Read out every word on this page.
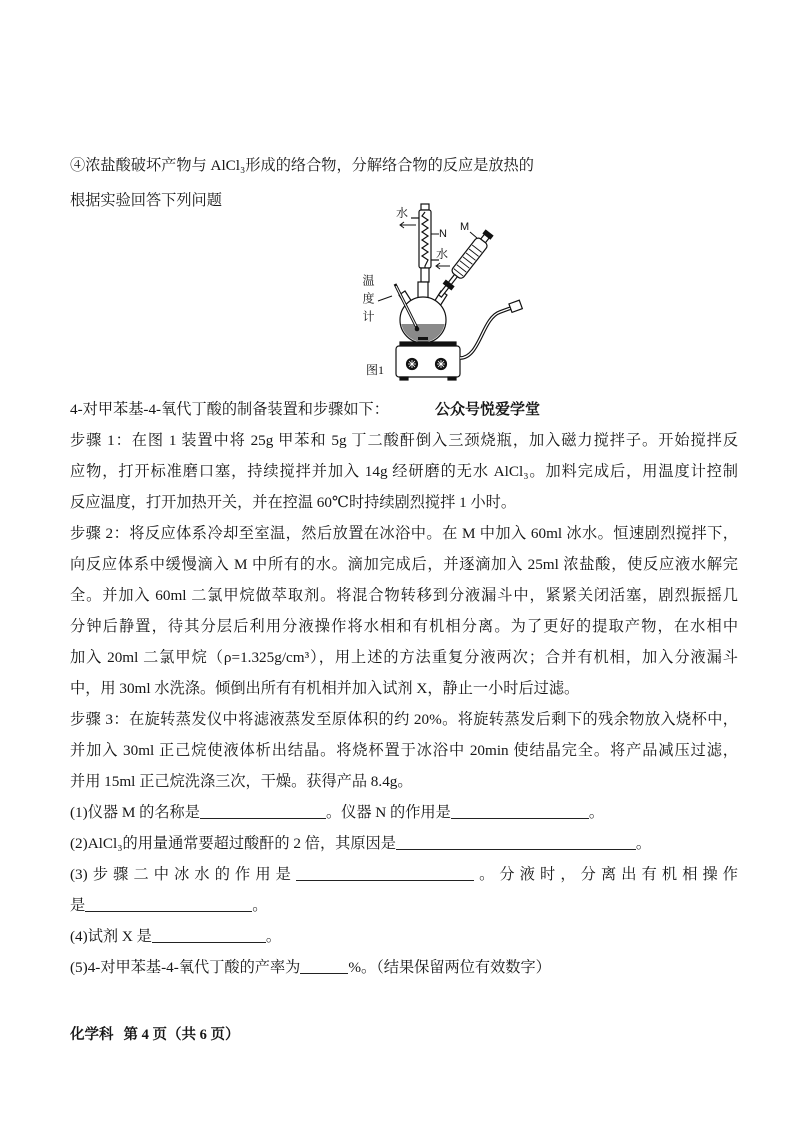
④浓盐酸破坏产物与 AlCl₃形成的络合物，分解络合物的反应是放热的
根据实验回答下列问题
水
N
M
水
温度计
图1
4-对甲苯基-4-氧代丁酸的制备装置和步骤如下：	公众号悦爱学堂
步骤 1：在图 1 装置中将 25g 甲苯和 5g 丁二酸酐倒入三颈烧瓶，加入磁力搅拌子。开始搅拌反
应物，打开标准磨口塞，持续搅拌并加入 14g 经研磨的无水 AlCl₃。加料完成后，用温度计控制
反应温度，打开加热开关，并在控温 60℃时持续剧烈搅拌 1 小时。
步骤 2：将反应体系冷却至室温，然后放置在冰浴中。在 M 中加入 60ml 冰水。恒速剧烈搅拌下，
向反应体系中缓慢滴入 M 中所有的水。滴加完成后，并逐滴加入 25ml 浓盐酸，使反应液水解完
全。并加入 60ml 二氯甲烷做萃取剂。将混合物转移到分液漏斗中，紧紧关闭活塞，剧烈振摇几
分钟后静置，待其分层后利用分液操作将水相和有机相分离。为了更好的提取产物，在水相中
加入 20ml 二氯甲烷（ρ=1.325g/cm³），用上述的方法重复分液两次；合并有机相，加入分液漏斗
中，用 30ml 水洗涤。倾倒出所有有机相并加入试剂 X，静止一小时后过滤。
步骤 3：在旋转蒸发仪中将滤液蒸发至原体积的约 20%。将旋转蒸发后剩下的残余物放入烧杯中，
并加入 30ml 正己烷使液体析出结晶。将烧杯置于冰浴中 20min 使结晶完全。将产品减压过滤，
并用 15ml 正己烷洗涤三次，干燥。获得产品 8.4g。
(1)仪器 M 的名称是	。仪器 N 的作用是	。
(2)AlCl₃的用量通常要超过酸酐的 2 倍，其原因是	。
(3)步骤二中冰水的作用是	。分液时，分离出有机相操作
是	。
(4)试剂 X 是	。
(5)4-对甲苯基-4-氧代丁酸的产率为	%。（结果保留两位有效数字）
化学科 第 4 页（共 6 页）
